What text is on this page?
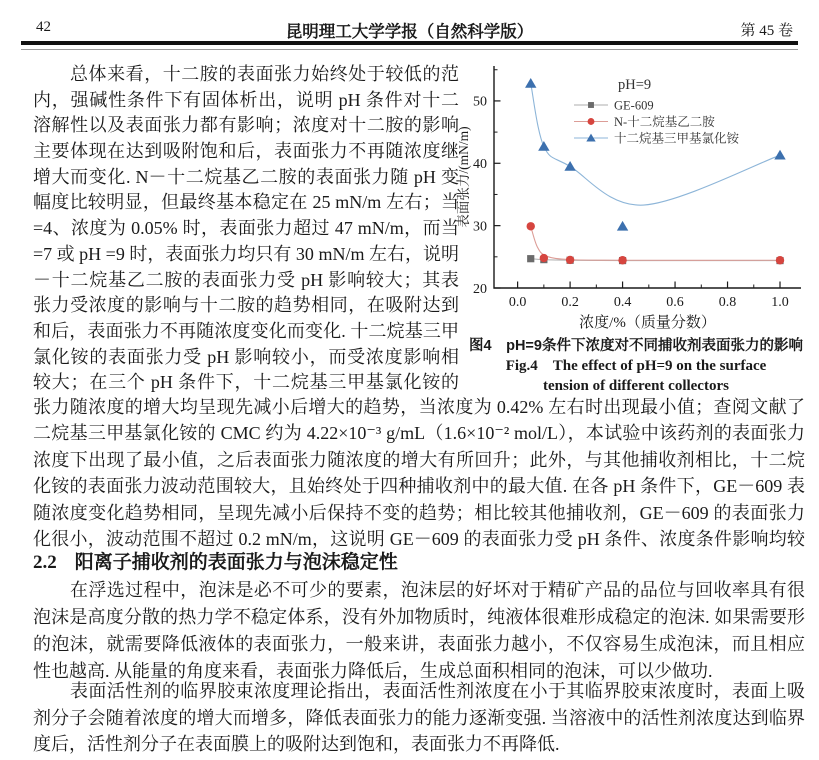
42	昆明理工大学学报（自然科学版）	第 45 卷
总体来看，十二胺的表面张力始终处于较低的范
内，强碱性条件下有固体析出，说明 pH 条件对十二
溶解性以及表面张力都有影响；浓度对十二胺的影响
主要体现在达到吸附饱和后，表面张力不再随浓度继
增大而变化. N－十二烷基乙二胺的表面张力随 pH 变
幅度比较明显，但最终基本稳定在 25 mN/m 左右；当
=4、浓度为 0.05% 时，表面张力超过 47 mN/m，而当
=7 或 pH =9 时，表面张力均只有 30 mN/m 左右，说明
－十二烷基乙二胺的表面张力受 pH 影响较大；其表
张力受浓度的影响与十二胺的趋势相同，在吸附达到
和后，表面张力不再随浓度变化而变化. 十二烷基三甲
氯化铵的表面张力受 pH 影响较小，而受浓度影响相
较大；在三个 pH 条件下，十二烷基三甲基氯化铵的
20
30
40
50
0.0 0.2 0.4 0.6 0.8 1.0
浓度/%（质量分数）
表面张力/(mN/m)
pH=9
GE-609
N-十二烷基乙二胺
十二烷基三甲基氯化铵
图4　pH=9条件下浓度对不同捕收剂表面张力的影响
Fig.4　The effect of pH=9 on the surface
tension of different collectors
张力随浓度的增大均呈现先减小后增大的趋势，当浓度为 0.42% 左右时出现最小值；查阅文献了
二烷基三甲基氯化铵的 CMC 约为 4.22×10⁻³ g/mL（1.6×10⁻² mol/L），本试验中该药剂的表面张力
浓度下出现了最小值，之后表面张力随浓度的增大有所回升；此外，与其他捕收剂相比，十二烷
化铵的表面张力波动范围较大，且始终处于四种捕收剂中的最大值. 在各 pH 条件下，GE－609 表
随浓度变化趋势相同，呈现先减小后保持不变的趋势；相比较其他捕收剂，GE－609 的表面张力
化很小，波动范围不超过 0.2 mN/m，这说明 GE－609 的表面张力受 pH 条件、浓度条件影响均较
2.2 阳离子捕收剂的表面张力与泡沫稳定性
在浮选过程中，泡沫是必不可少的要素，泡沫层的好坏对于精矿产品的品位与回收率具有很
泡沫是高度分散的热力学不稳定体系，没有外加物质时，纯液体很难形成稳定的泡沫. 如果需要形
的泡沫，就需要降低液体的表面张力，一般来讲，表面张力越小，不仅容易生成泡沫，而且相应
性也越高. 从能量的角度来看，表面张力降低后，生成总面积相同的泡沫，可以少做功.
表面活性剂的临界胶束浓度理论指出，表面活性剂浓度在小于其临界胶束浓度时，表面上吸
剂分子会随着浓度的增大而增多，降低表面张力的能力逐渐变强. 当溶液中的活性剂浓度达到临界
度后，活性剂分子在表面膜上的吸附达到饱和，表面张力不再降低.
